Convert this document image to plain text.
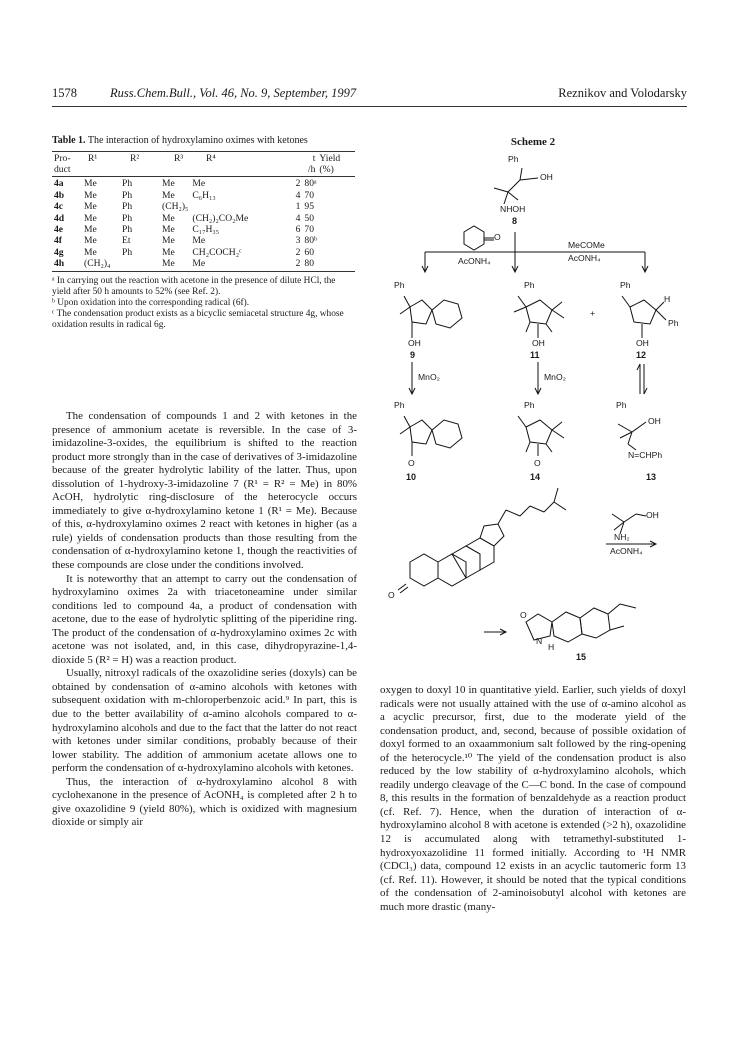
1578	Russ.Chem.Bull., Vol. 46, No. 9, September, 1997	Reznikov and Volodarsky
Table 1. The interaction of hydroxylamino oximes with ketones
Pro-
duct	R¹	R²	R³	R⁴	t
/h	Yield
(%)
4a	Me	Ph	Me	Me	2	80ᵃ
4b	Me	Ph	Me	C₆H₁₃	4	70
4c	Me	Ph	(CH₂)₅		1	95
4d	Me	Ph	Me	(CH₂)₂CO₂Me	4	50
4e	Me	Ph	Me	C₁₇H₃₅	6	70
4f	Me	Et	Me	Me	3	80ᵇ
4g	Me	Ph	Me	CH₂COCH₂ᶜ	2	60
4h	(CH₂)₄		Me	Me	2	80

ᵃ In carrying out the reaction with acetone in the presence of dilute HCl, the yield after 50 h amounts to 52% (see Ref. 2).

ᵇ Upon oxidation into the corresponding radical (6f).

ᶜ The condensation product exists as a bicyclic semiacetal structure 4g, whose oxidation results in radical 6g.

The condensation of compounds 1 and 2 with ketones in the presence of ammonium acetate is reversible. In the case of 3-imidazoline-3-oxides, the equilibrium is shifted to the reaction product more strongly than in the case of derivatives of 3-imidazoline because of the greater hydrolytic lability of the latter. Thus, upon dissolution of 1-hydroxy-3-imidazoline 7 (R¹ = R² = Me) in 80% AcOH, hydrolytic ring-disclosure of the heterocycle occurs immediately to give α-hydroxylamino ketone 1 (R¹ = Me). Because of this, α-hydroxylamino oximes 2 react with ketones in higher (as a rule) yields of condensation products than those resulting from the condensation of α-hydroxylamino ketone 1, though the reactivities of these compounds are close under the conditions involved.

It is noteworthy that an attempt to carry out the condensation of hydroxylamino oximes 2a with triacetoneamine under similar conditions led to compound 4a, a product of condensation with acetone, due to the ease of hydrolytic splitting of the piperidine ring. The product of the condensation of α-hydroxylamino oximes 2c with acetone was not isolated, and, in this case, dihydropyrazine-1,4-dioxide 5 (R² = H) was a reaction product.

Usually, nitroxyl radicals of the oxazolidine series (doxyls) can be obtained by condensation of α-amino alcohols with ketones with subsequent oxidation with m-chloroperbenzoic acid.⁹ In part, this is due to the better availability of α-amino alcohols compared to α-hydroxylamino alcohols and due to the fact that the latter do not react with ketones under similar conditions, probably because of their lower stability. The addition of ammonium acetate allows one to perform the condensation of α-hydroxylamino alcohols with ketones.

Thus, the interaction of α-hydroxylamino alcohol 8 with cyclohexanone in the presence of AcONH₄ is completed after 2 h to give oxazolidine 9 (yield 80%), which is oxidized with magnesium dioxide or simply air

Scheme 2
Ph
OH
NHOH
8
O
AcONH₄
MeCOMe
AcONH₄
Ph	Ph	Ph
OH	OH	OH
+
H
Ph
9	11	12
MnO₂	MnO₂
Ph	Ph	Ph
OH
N=CHPh
O	O
10	14	13
OH
NH₂
AcONH₄
O
O
N
H
15

oxygen to doxyl 10 in quantitative yield. Earlier, such yields of doxyl radicals were not usually attained with the use of α-amino alcohol as a acyclic precursor, first, due to the moderate yield of the condensation product, and, second, because of possible oxidation of doxyl formed to an oxaammonium salt followed by the ring-opening of the heterocycle.¹⁰ The yield of the condensation product is also reduced by the low stability of α-hydroxylamino alcohols, which readily undergo cleavage of the C—C bond. In the case of compound 8, this results in the formation of benzaldehyde as a reaction product (cf. Ref. 7). Hence, when the duration of interaction of α-hydroxylamino alcohol 8 with acetone is extended (>2 h), oxazolidine 12 is accumulated along with tetramethyl-substituted 1-hydroxyoxazolidine 11 formed initially. According to ¹H NMR (CDCl₃) data, compound 12 exists in an acyclic tautomeric form 13 (cf. Ref. 11). However, it should be noted that the typical conditions of the condensation of 2-aminoisobutyl alcohol with ketones are much more drastic (many-
